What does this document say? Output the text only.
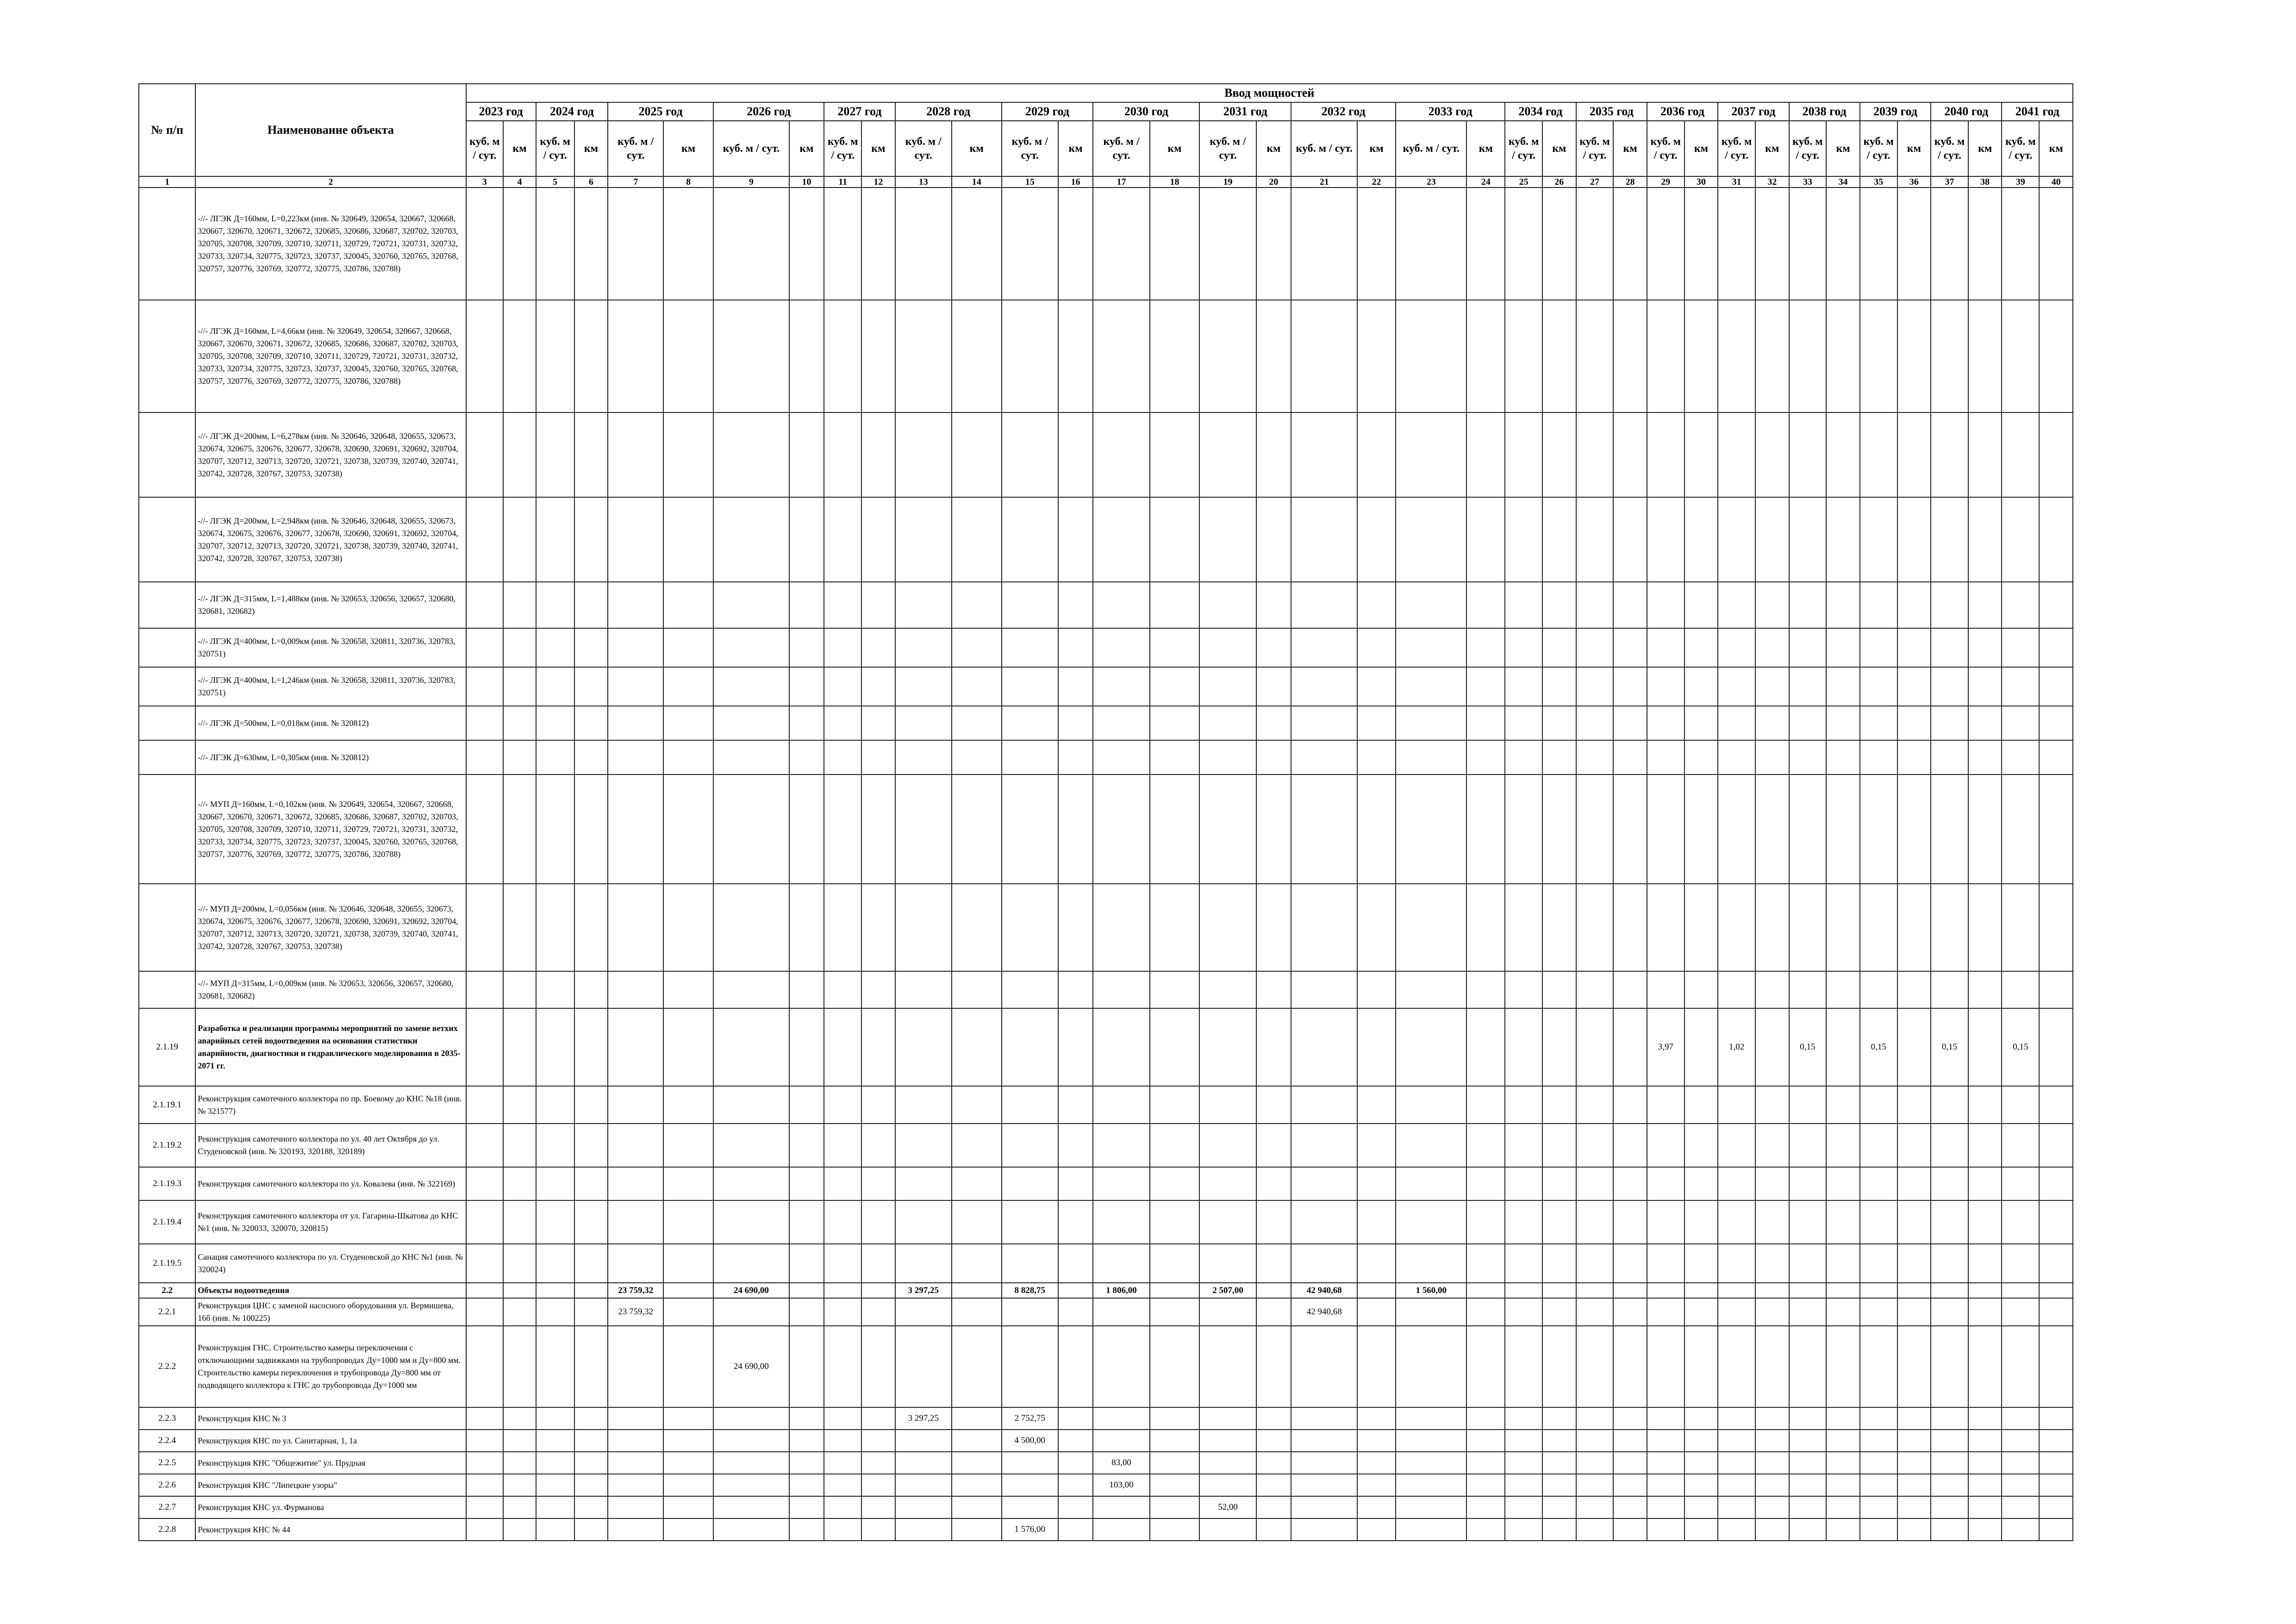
№ п/п	Наименование объекта	Ввод мощностей																																					
		2023 год		2024 год		2025 год		2026 год		2027 год		2028 год		2029 год		2030 год		2031 год		2032 год		2033 год		2034 год		2035 год		2036 год		2037 год		2038 год		2039 год		2040 год		2041 год	
		куб. м / сут.	км	куб. м / сут.	км	куб. м / сут.	км	куб. м / сут.	км	куб. м / сут.	км	куб. м / сут.	км	куб. м / сут.	км	куб. м / сут.	км	куб. м / сут.	км	куб. м / сут.	км	куб. м / сут.	км	куб. м / сут.	км	куб. м / сут.	км	куб. м / сут.	км	куб. м / сут.	км	куб. м / сут.	км	куб. м / сут.	км	куб. м / сут.	км	куб. м / сут.	км
1	2	3	4	5	6	7	8	9	10	11	12	13	14	15	16	17	18	19	20	21	22	23	24	25	26	27	28	29	30	31	32	33	34	35	36	37	38	39	40
	-//- ЛГЭК Д=160мм, L=0,223км (инв. № 320649, 320654, 320667, 320668, 320667, 320670, 320671, 320672, 320685, 320686, 320687, 320702, 320703, 320705, 320708, 320709, 320710, 320711, 320729, 720721, 320731, 320732, 320733, 320734, 320775, 320723, 320737, 320045, 320760, 320765, 320768, 320757, 320776, 320769, 320772, 320775, 320786, 320788)																																						
	-//- ЛГЭК Д=160мм, L=4,66км (инв. № 320649, 320654, 320667, 320668, 320667, 320670, 320671, 320672, 320685, 320686, 320687, 320702, 320703, 320705, 320708, 320709, 320710, 320711, 320729, 720721, 320731, 320732, 320733, 320734, 320775, 320723, 320737, 320045, 320760, 320765, 320768, 320757, 320776, 320769, 320772, 320775, 320786, 320788)																																						
	-//- ЛГЭК Д=200мм, L=6,278км (инв. № 320646, 320648, 320655, 320673, 320674, 320675, 320676, 320677, 320678, 320690, 320691, 320692, 320704, 320707, 320712, 320713, 320720, 320721, 320738, 320739, 320740, 320741, 320742, 320728, 320767, 320753, 320738)																																						
	-//- ЛГЭК Д=200мм, L=2,948км (инв. № 320646, 320648, 320655, 320673, 320674, 320675, 320676, 320677, 320678, 320690, 320691, 320692, 320704, 320707, 320712, 320713, 320720, 320721, 320738, 320739, 320740, 320741, 320742, 320728, 320767, 320753, 320738)																																						
	-//- ЛГЭК Д=315мм, L=1,488км (инв. № 320653, 320656, 320657, 320680, 320681, 320682)																																						
	-//- ЛГЭК Д=400мм, L=0,009км (инв. № 320658, 320811, 320736, 320783, 320751)																																						
	-//- ЛГЭК Д=400мм, L=1,246км (инв. № 320658, 320811, 320736, 320783, 320751)																																						
	-//- ЛГЭК Д=500мм, L=0,018км (инв. № 320812)																																						
	-//- ЛГЭК Д=630мм, L=0,305км (инв. № 320812)																																						
	-//- МУП Д=160мм, L=0,102км (инв. № 320649, 320654, 320667, 320668, 320667, 320670, 320671, 320672, 320685, 320686, 320687, 320702, 320703, 320705, 320708, 320709, 320710, 320711, 320729, 720721, 320731, 320732, 320733, 320734, 320775, 320723, 320737, 320045, 320760, 320765, 320768, 320757, 320776, 320769, 320772, 320775, 320786, 320788)																																						
	-//- МУП Д=200мм, L=0,056км (инв. № 320646, 320648, 320655, 320673, 320674, 320675, 320676, 320677, 320678, 320690, 320691, 320692, 320704, 320707, 320712, 320713, 320720, 320721, 320738, 320739, 320740, 320741, 320742, 320728, 320767, 320753, 320738)																																						
	-//- МУП Д=315мм, L=0,009км (инв. № 320653, 320656, 320657, 320680, 320681, 320682)																																						
2.1.19	Разработка и реализация программы мероприятий по замене ветхих аварийных сетей водоотведения на основании статистики аварийности, диагностики и гидравлического моделирования в 2035-2071 гг.																											3,97		1,02		0,15		0,15		0,15		0,15	
2.1.19.1	Реконструкция самотечного коллектора по пр. Боевому до КНС №18 (инв. № 321577)																																						
2.1.19.2	Реконструкция самотечного коллектора по ул. 40 лет Октября до ул. Студеновской (инв. № 320193, 320188, 320189)																																						
2.1.19.3	Реконструкция самотечного коллектора по ул. Ковалева (инв. № 322169)																																						
2.1.19.4	Реконструкция самотечного коллектора от ул. Гагарина-Шкатова до КНС №1 (инв. № 320033, 320070, 320815)																																						
2.1.19.5	Санация самотечного коллектора по ул. Студеновской до КНС №1 (инв. № 320024)																																						
2.2	Объекты водоотведения					23 759,32		24 690,00				3 297,25		8 828,75		1 806,00		2 507,00		42 940,68		1 560,00																	
2.2.1	Реконструкция ЦНС с заменой насосного оборудования ул. Вермишева, 16б (инв. № 100225)					23 759,32														42 940,68																			
2.2.2	Реконструкция ГНС. Строительство камеры переключения с отключающими задвижками на трубопроводах Ду=1000 мм и Ду=800 мм. Строительство камеры переключения и трубопровода Ду=800 мм от подводящего коллектора к ГНС до трубопровода Ду=1000 мм							24 690,00																															
2.2.3	Реконструкция КНС № 3											3 297,25		2 752,75																									
2.2.4	Реконструкция КНС по ул. Санитарная, 1, 1а													4 500,00																									
2.2.5	Реконструкция КНС "Общежитие" ул. Прудная															83,00																							
2.2.6	Реконструкция КНС "Липецкие узоры"															103,00																							
2.2.7	Реконструкция КНС ул. Фурманова																	52,00																					
2.2.8	Реконструкция КНС № 44													1 576,00																									
